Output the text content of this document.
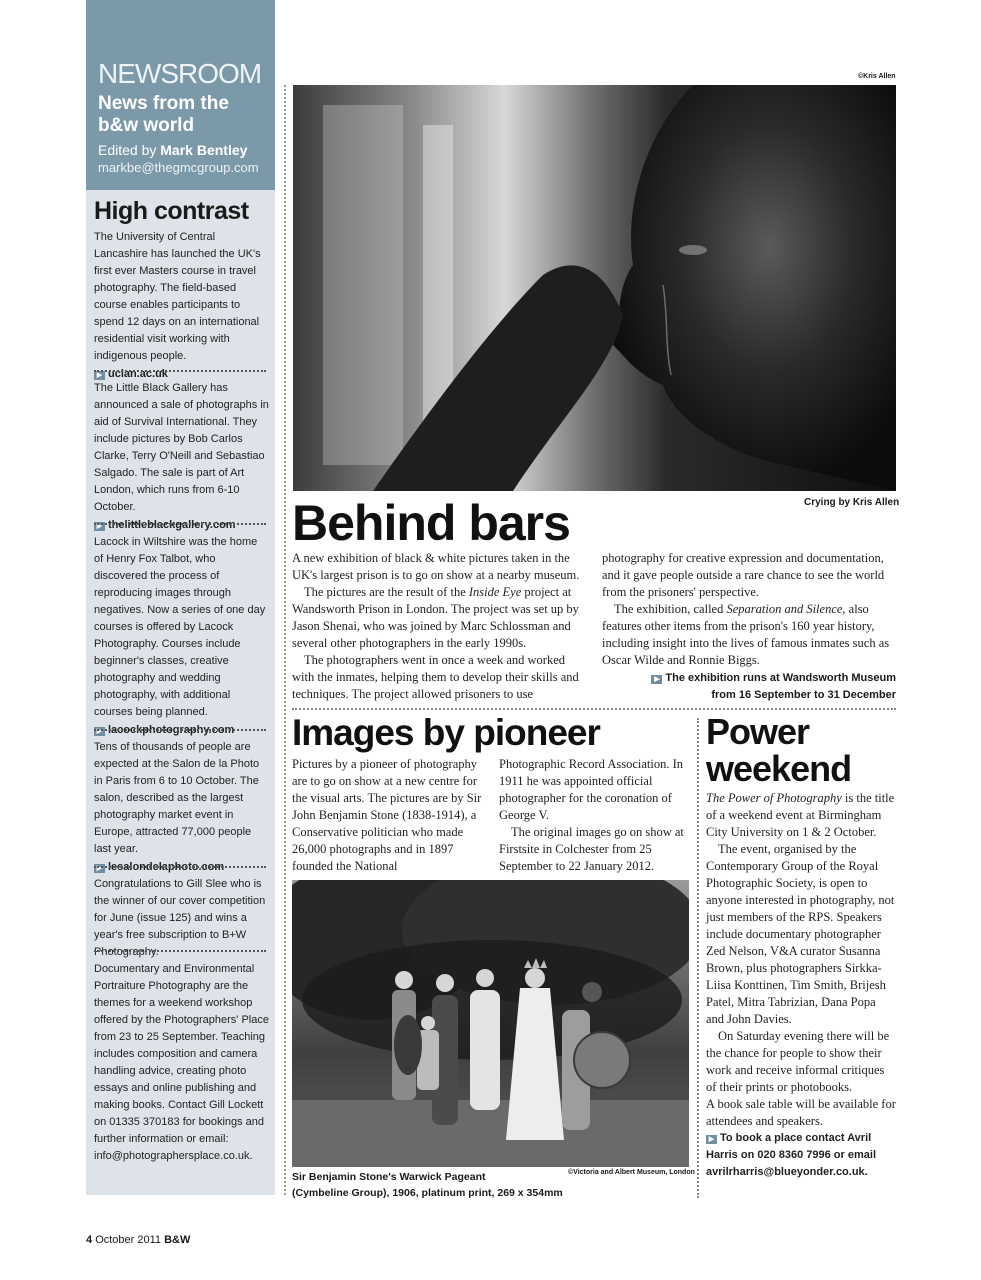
NEWSROOM
News from the b&w world
Edited by Mark Bentley
markbe@thegmcgroup.com
High contrast

The University of Central Lancashire has launched the UK's first ever Masters course in travel photography. The field-based course enables participants to spend 12 days on an international residential visit working with indigenous people.

▶ uclan.ac.uk

The Little Black Gallery has announced a sale of photographs in aid of Survival International. They include pictures by Bob Carlos Clarke, Terry O'Neill and Sebastiao Salgado. The sale is part of Art London, which runs from 6-10 October.

▶ thelittleblackgallery.com

Lacock in Wiltshire was the home of Henry Fox Talbot, who discovered the process of reproducing images through negatives. Now a series of one day courses is offered by Lacock Photography. Courses include beginner's classes, creative photography and wedding photography, with additional courses being planned.

▶ lacockphotography.com

Tens of thousands of people are expected at the Salon de la Photo in Paris from 6 to 10 October. The salon, described as the largest photography market event in Europe, attracted 77,000 people last year.

▶ lesalondelaphoto.com

Congratulations to Gill Slee who is the winner of our cover competition for June (issue 125) and wins a year's free subscription to B+W Photography.

Documentary and Environmental Portraiture Photography are the themes for a weekend workshop offered by the Photographers' Place from 23 to 25 September. Teaching includes composition and camera handling advice, creating photo essays and online publishing and making books. Contact Gill Lockett on 01335 370183 for bookings and further information or email: info@photographersplace.co.uk.

©Kris Allen
Crying by Kris Allen
Behind bars

A new exhibition of black & white pictures taken in the UK's largest prison is to go on show at a nearby museum.

The pictures are the result of the Inside Eye project at Wandsworth Prison in London. The project was set up by Jason Shenai, who was joined by Marc Schlossman and several other photographers in the early 1990s.

The photographers went in once a week and worked with the inmates, helping them to develop their skills and techniques. The project allowed prisoners to use

photography for creative expression and documentation, and it gave people outside a rare chance to see the world from the prisoners' perspective.

The exhibition, called Separation and Silence, also features other items from the prison's 160 year history, including insight into the lives of famous inmates such as Oscar Wilde and Ronnie Biggs.

▶ The exhibition runs at Wandsworth Museum
from 16 September to 31 December
Images by pioneer

Pictures by a pioneer of photography are to go on show at a new centre for the visual arts. The pictures are by Sir John Benjamin Stone (1838-1914), a Conservative politician who made 26,000 photographs and in 1897 founded the National

Photographic Record Association. In 1911 he was appointed official photographer for the coronation of George V.

The original images go on show at Firstsite in Colchester from 25 September to 22 January 2012.

©Victoria and Albert Museum, London
Sir Benjamin Stone's Warwick Pageant
(Cymbeline Group), 1906, platinum print, 269 x 354mm
Power
weekend

The Power of Photography is the title of a weekend event at Birmingham City University on 1 & 2 October.

The event, organised by the Contemporary Group of the Royal Photographic Society, is open to anyone interested in photography, not just members of the RPS. Speakers include documentary photographer Zed Nelson, V&A curator Susanna Brown, plus photographers Sirkka-Liisa Konttinen, Tim Smith, Brijesh Patel, Mitra Tabrizian, Dana Popa and John Davies.

On Saturday evening there will be the chance for people to show their work and receive informal critiques of their prints or photobooks.

A book sale table will be available for attendees and speakers.

▶ To book a place contact Avril Harris on 020 8360 7996 or email avrilrharris@blueyonder.co.uk.

4 October 2011 B&W
